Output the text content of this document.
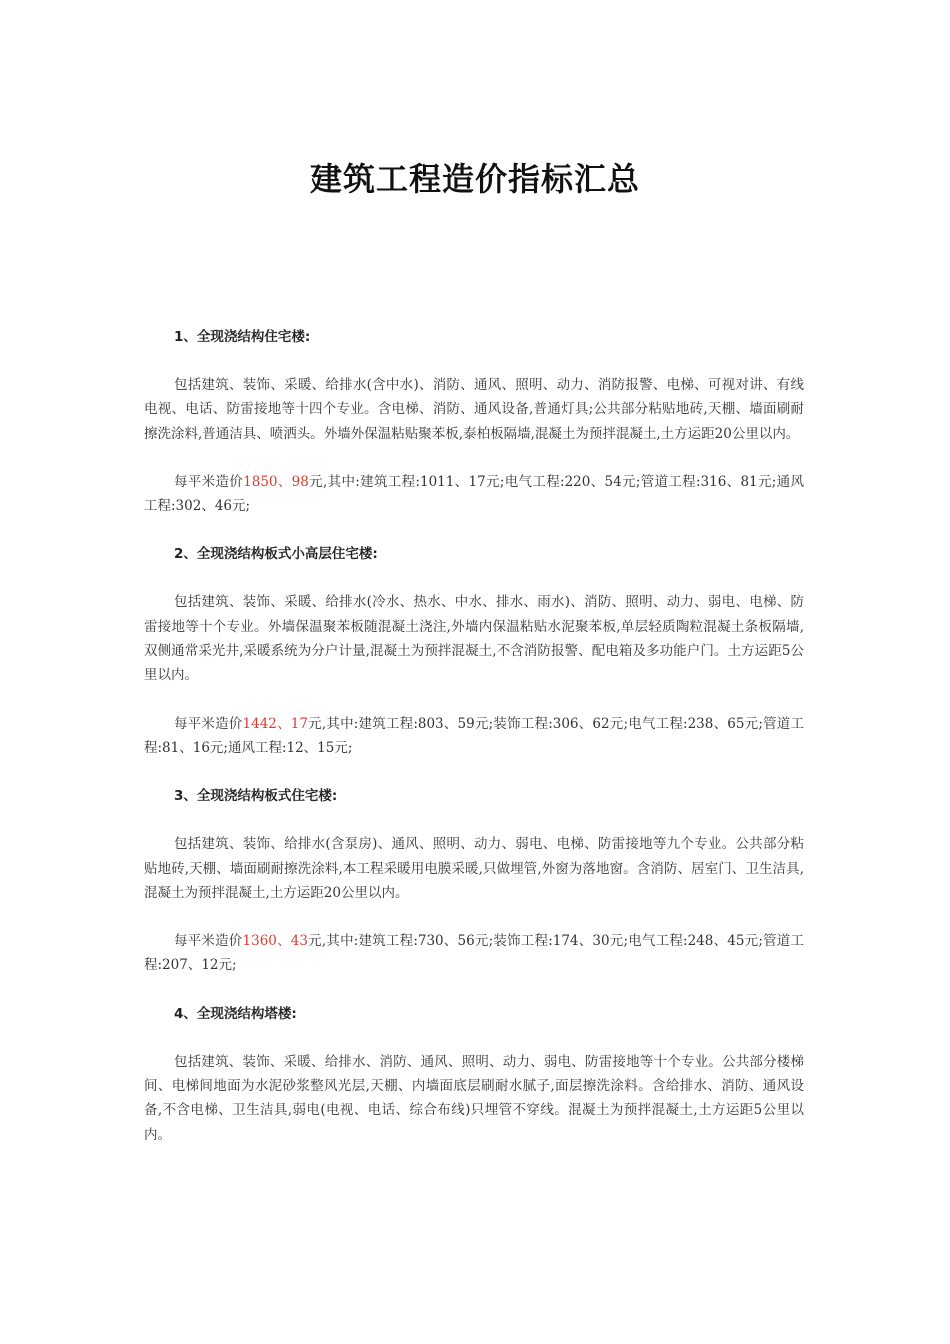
建筑工程造价指标汇总

1、全现浇结构住宅楼:

包括建筑、装饰、采暖、给排水(含中水)、消防、通风、照明、动力、消防报警、电梯、可视对讲、有线电视、电话、防雷接地等十四个专业。含电梯、消防、通风设备,普通灯具;公共部分粘贴地砖,天棚、墙面刷耐擦洗涂料,普通洁具、喷洒头。外墙外保温粘贴聚苯板,泰柏板隔墙,混凝土为预拌混凝土,土方运距20公里以内。

每平米造价1850、98元,其中:建筑工程:1011、17元;电气工程:220、54元;管道工程:316、81元;通风工程:302、46元;

2、全现浇结构板式小高层住宅楼:

包括建筑、装饰、采暖、给排水(冷水、热水、中水、排水、雨水)、消防、照明、动力、弱电、电梯、防雷接地等十个专业。外墙保温聚苯板随混凝土浇注,外墙内保温粘贴水泥聚苯板,单层轻质陶粒混凝土条板隔墙,双侧通常采光井,采暖系统为分户计量,混凝土为预拌混凝土,不含消防报警、配电箱及多功能户门。土方运距5公里以内。

每平米造价1442、17元,其中:建筑工程:803、59元;装饰工程:306、62元;电气工程:238、65元;管道工程:81、16元;通风工程:12、15元;

3、全现浇结构板式住宅楼:

包括建筑、装饰、给排水(含泵房)、通风、照明、动力、弱电、电梯、防雷接地等九个专业。公共部分粘贴地砖,天棚、墙面刷耐擦洗涂料,本工程采暖用电膜采暖,只做埋管,外窗为落地窗。含消防、居室门、卫生洁具,混凝土为预拌混凝土,土方运距20公里以内。

每平米造价1360、43元,其中:建筑工程:730、56元;装饰工程:174、30元;电气工程:248、45元;管道工程:207、12元;

4、全现浇结构塔楼:

包括建筑、装饰、采暖、给排水、消防、通风、照明、动力、弱电、防雷接地等十个专业。公共部分楼梯间、电梯间地面为水泥砂浆整风光层,天棚、内墙面底层刷耐水腻子,面层擦洗涂料。含给排水、消防、通风设备,不含电梯、卫生洁具,弱电(电视、电话、综合布线)只埋管不穿线。混凝土为预拌混凝土,土方运距5公里以内。
